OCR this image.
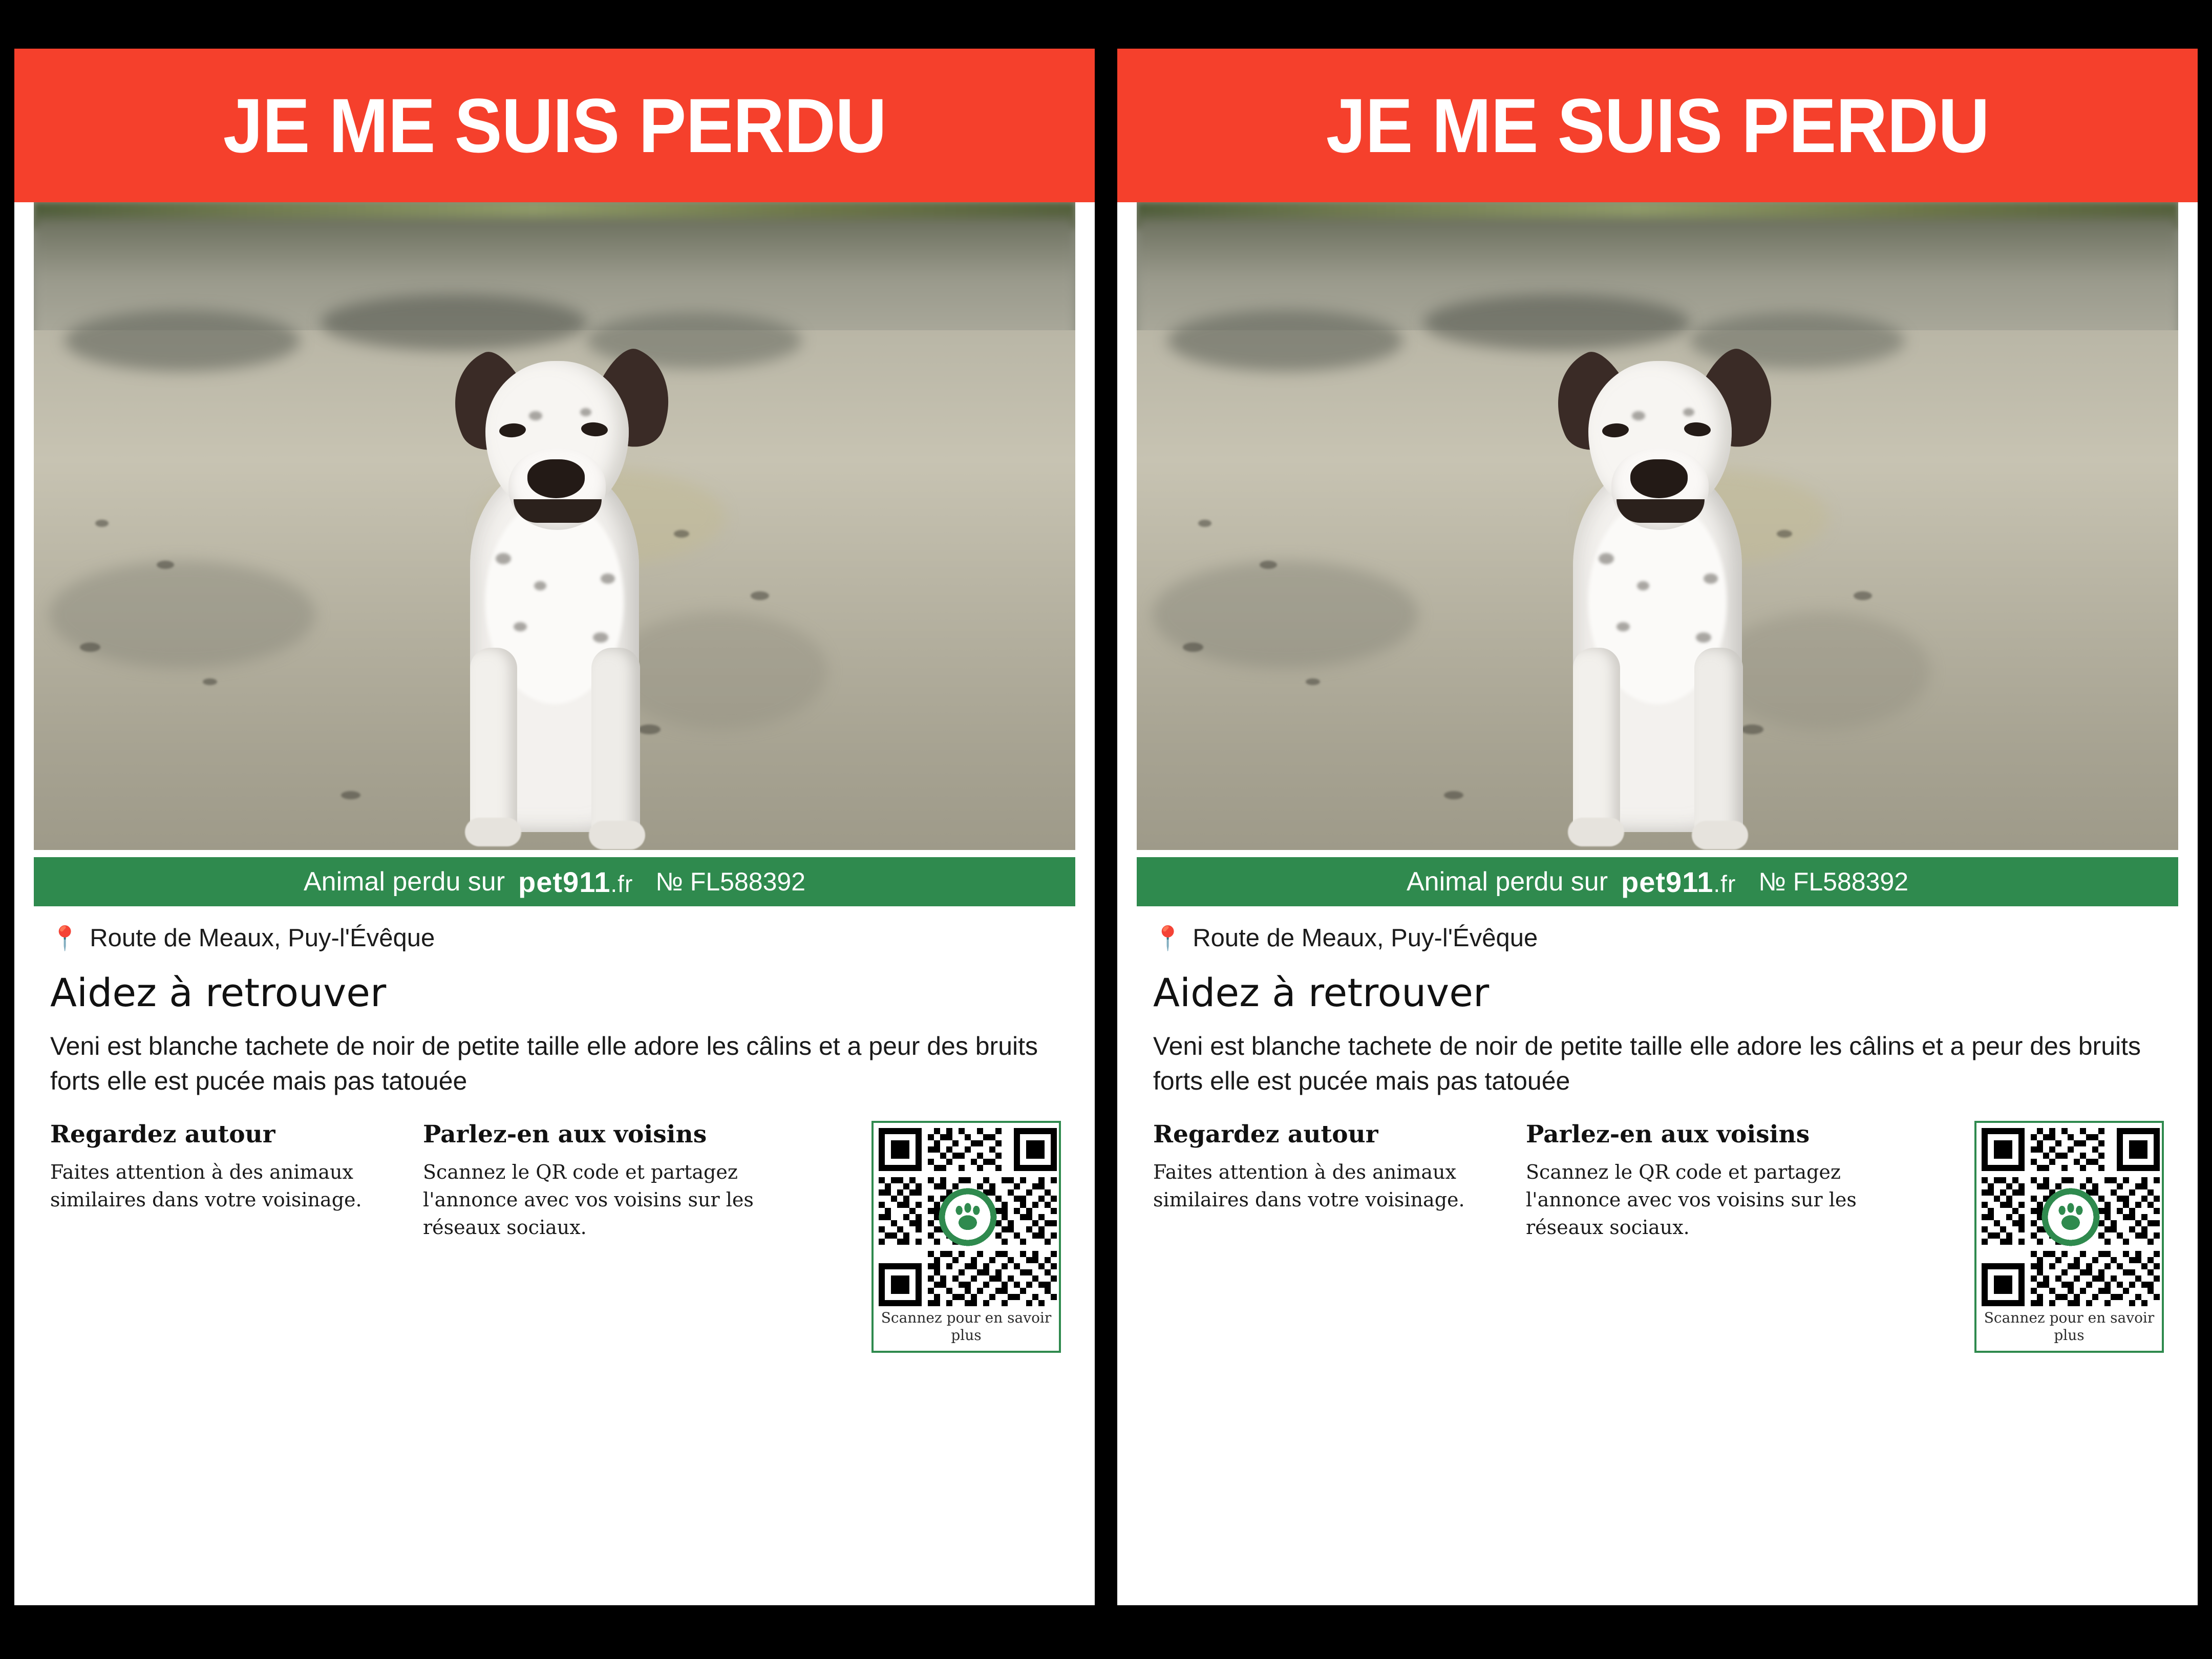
JE ME SUIS PERDU
Animal perdu sur pet911.fr № FL588392
📍 Route de Meaux, Puy-l'Évêque
Aidez à retrouver
Veni est blanche tachete de noir de petite taille elle adore les câlins et a peur des bruits forts elle est pucée mais pas tatouée
Regardez autour
Faites attention à des animaux similaires dans votre voisinage.
Parlez-en aux voisins
Scannez le QR code et partagez l'annonce avec vos voisins sur les réseaux sociaux.
Scannez pour en savoir plus
JE ME SUIS PERDU
Animal perdu sur pet911.fr № FL588392
📍 Route de Meaux, Puy-l'Évêque
Aidez à retrouver
Veni est blanche tachete de noir de petite taille elle adore les câlins et a peur des bruits forts elle est pucée mais pas tatouée
Regardez autour
Faites attention à des animaux similaires dans votre voisinage.
Parlez-en aux voisins
Scannez le QR code et partagez l'annonce avec vos voisins sur les réseaux sociaux.
Scannez pour en savoir plus
